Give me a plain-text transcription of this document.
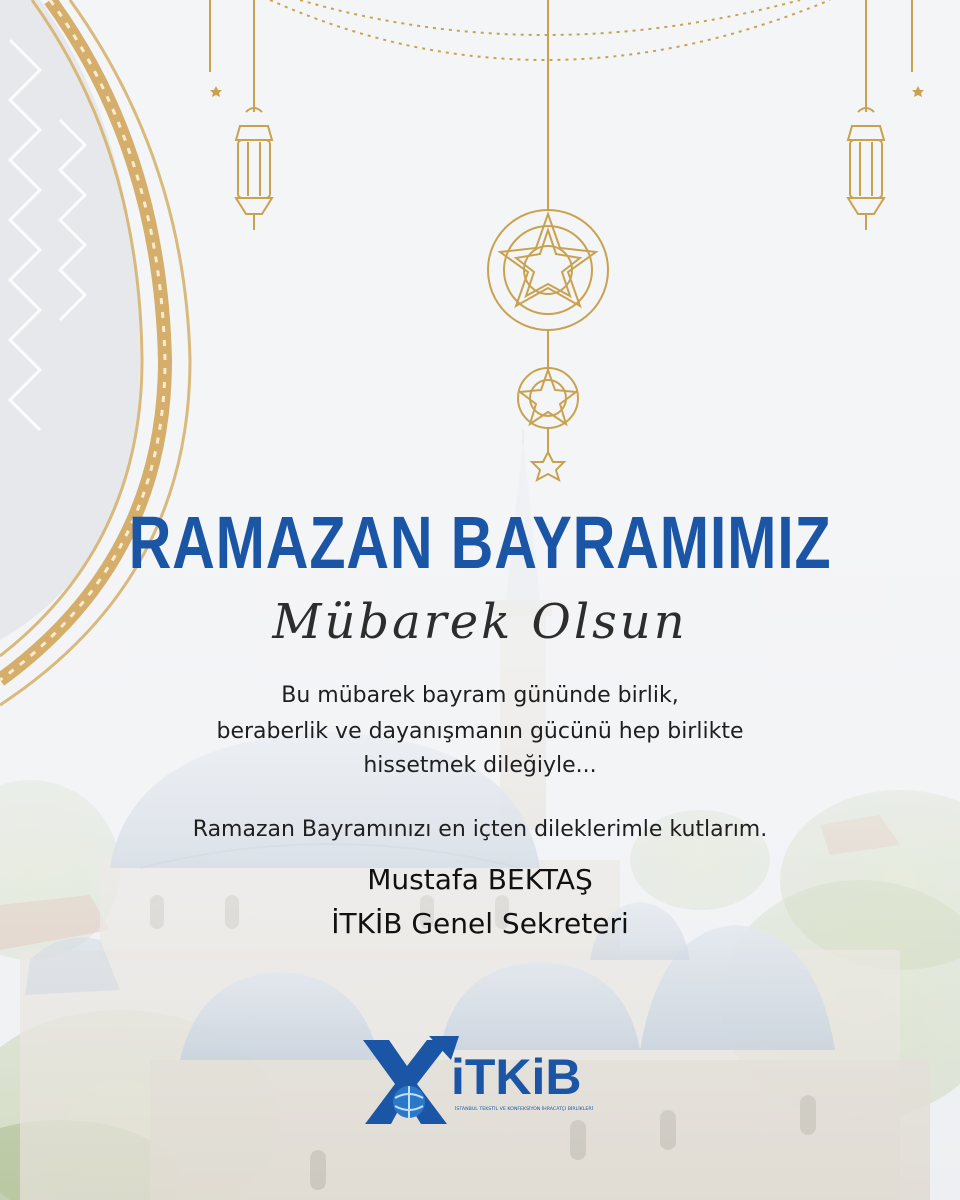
RAMAZAN BAYRAMIMIZ
Mübarek Olsun
Bu mübarek bayram gününde birlik,
beraberlik ve dayanışmanın gücünü hep birlikte
hissetmek dileğiyle...
Ramazan Bayramınızı en içten dileklerimle kutlarım.
Mustafa BEKTAŞ
İTKİB Genel Sekreteri
iTKiB
İSTANBUL TEKSTİL VE KONFEKSİYON İHRACATÇI BİRLİKLERİ
